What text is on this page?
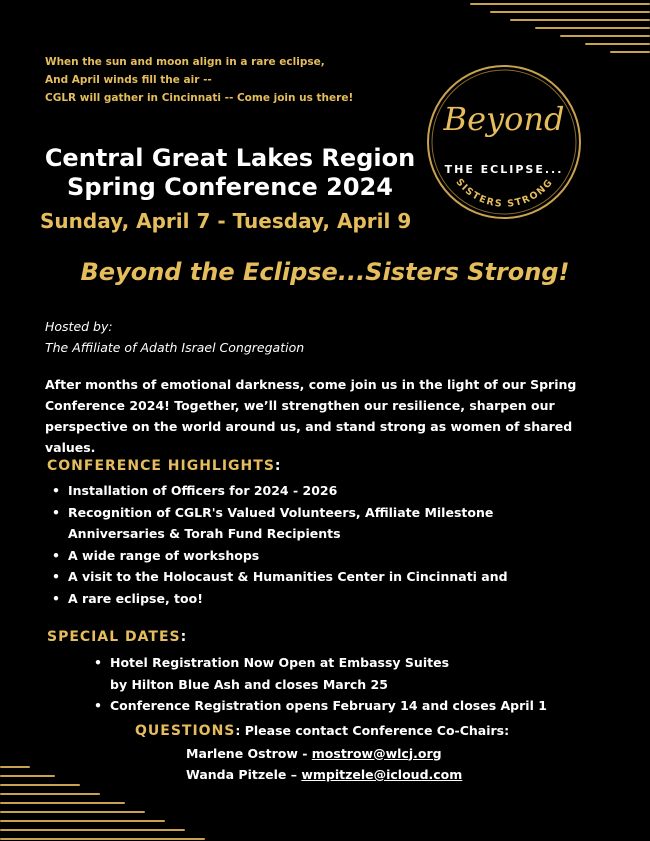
When the sun and moon align in a rare eclipse,
And April winds fill the air --
CGLR will gather in Cincinnati -- Come join us there!
Beyond
THE ECLIPSE...
SISTERS STRONG
Central Great Lakes Region
Spring Conference 2024
Sunday, April 7 - Tuesday, April 9
Beyond the Eclipse...Sisters Strong!
Hosted by:
The Affiliate of Adath Israel Congregation
After months of emotional darkness, come join us in the light of our Spring Conference 2024! Together, we’ll strengthen our resilience, sharpen our perspective on the world around us, and stand strong as women of shared values.
CONFERENCE HIGHLIGHTS:
• Installation of Officers for 2024 - 2026
• Recognition of CGLR's Valued Volunteers, Affiliate Milestone Anniversaries & Torah Fund Recipients
• A wide range of workshops
• A visit to the Holocaust & Humanities Center in Cincinnati and
• A rare eclipse, too!
SPECIAL DATES:
• Hotel Registration Now Open at Embassy Suites by Hilton Blue Ash and closes March 25
• Conference Registration opens February 14 and closes April 1
QUESTIONS: Please contact Conference Co-Chairs:
Marlene Ostrow - mostrow@wlcj.org
Wanda Pitzele – wmpitzele@icloud.com
